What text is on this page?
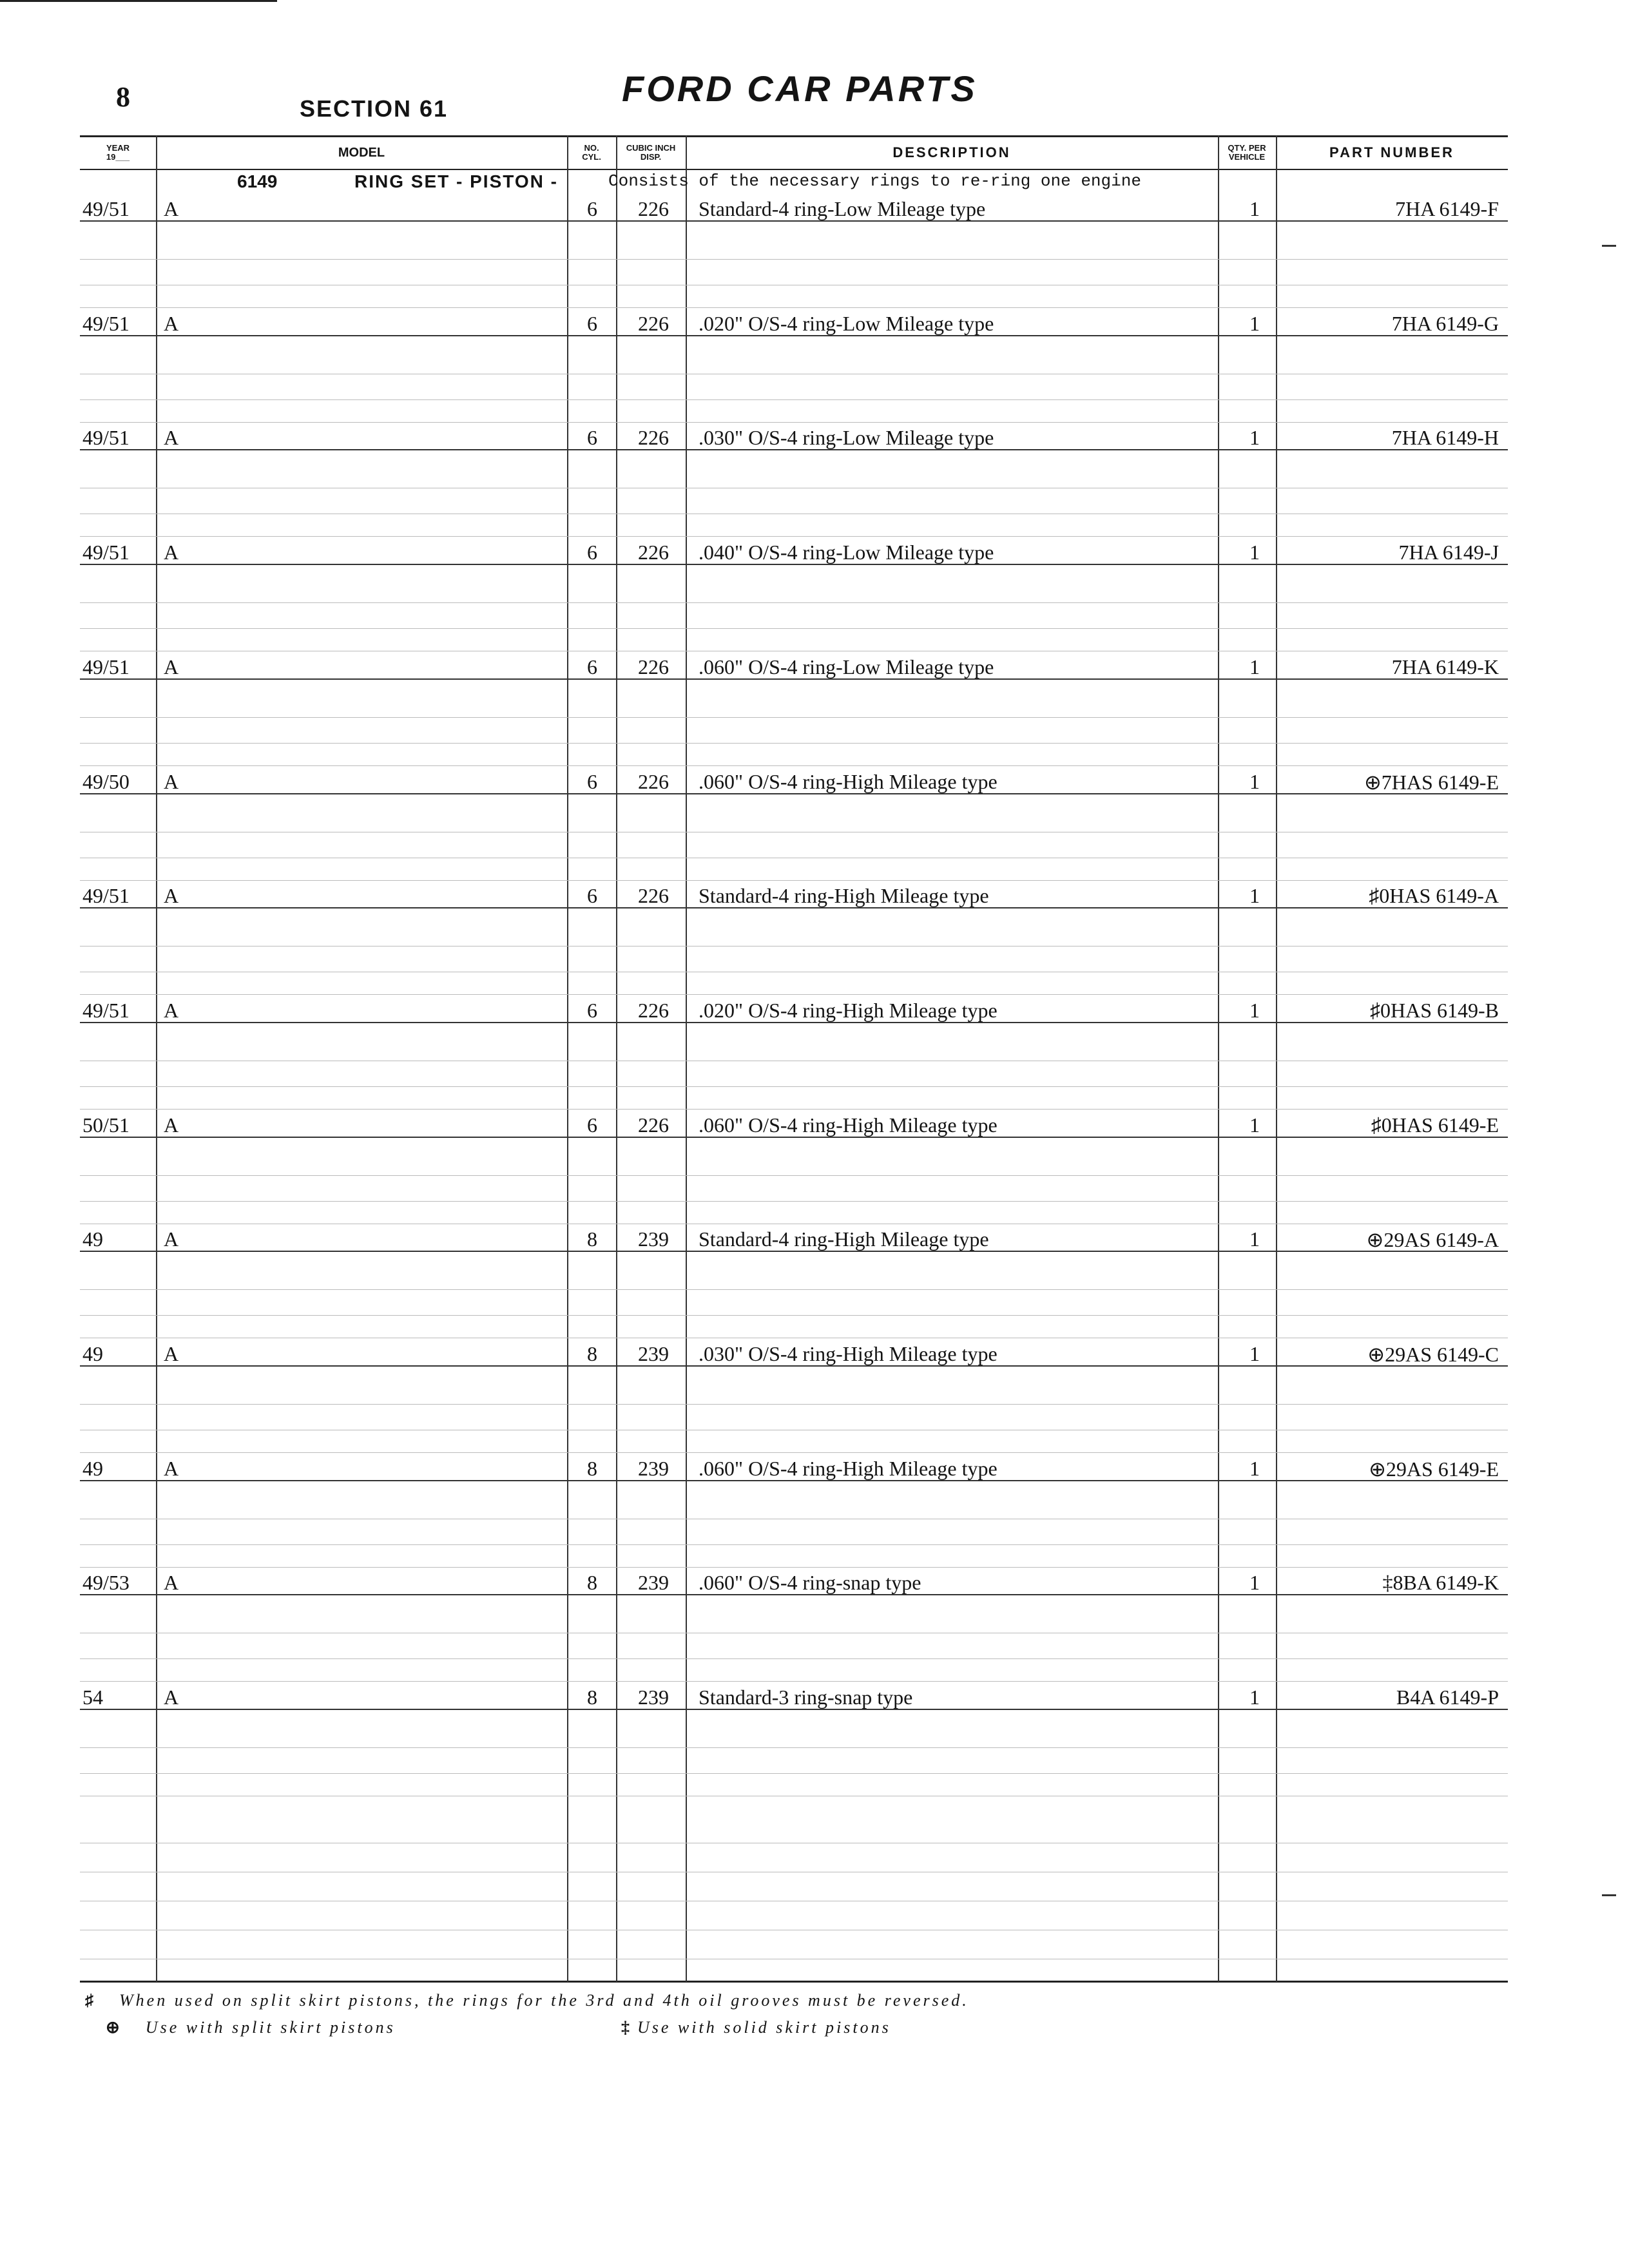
8	SECTION 61	FORD CAR PARTS
YEAR
19___	MODEL	NO.
CYL.
CUBIC INCH
DISP.	DESCRIPTION	QTY. PER
VEHICLE	PART NUMBER
6149	RING SET - PISTON -	Consists of the necessary rings to re-ring one engine
49/51 A	6	226	Standard-4 ring-Low Mileage type	1	7HA 6149-F
49/51 A	6	226	.020" O/S-4 ring-Low Mileage type	1	7HA 6149-G
49/51 A	6	226	.030" O/S-4 ring-Low Mileage type	1	7HA 6149-H
49/51 A	6	226	.040" O/S-4 ring-Low Mileage type	1	7HA 6149-J
49/51 A	6	226	.060" O/S-4 ring-Low Mileage type	1	7HA 6149-K
49/50 A	6	226	.060" O/S-4 ring-High Mileage type	1	⊕7HAS 6149-E
49/51 A	6	226	Standard-4 ring-High Mileage type	1	♯0HAS 6149-A
49/51 A	6	226	.020" O/S-4 ring-High Mileage type	1	♯0HAS 6149-B
50/51 A	6	226	.060" O/S-4 ring-High Mileage type	1	♯0HAS 6149-E
49	A	8	239	Standard-4 ring-High Mileage type	1	⊕29AS 6149-A
49	A	8	239	.030" O/S-4 ring-High Mileage type	1	⊕29AS 6149-C
49	A	8	239	.060" O/S-4 ring-High Mileage type	1	⊕29AS 6149-E
49/53 A	8	239	.060" O/S-4 ring-snap type	1	‡8BA 6149-K
54	A	8	239	Standard-3 ring-snap type	1	B4A 6149-P
♯ When used on split skirt pistons, the rings for the 3rd and 4th oil grooves must be reversed.
⊕ Use with split skirt pistons	‡ Use with solid skirt pistons
